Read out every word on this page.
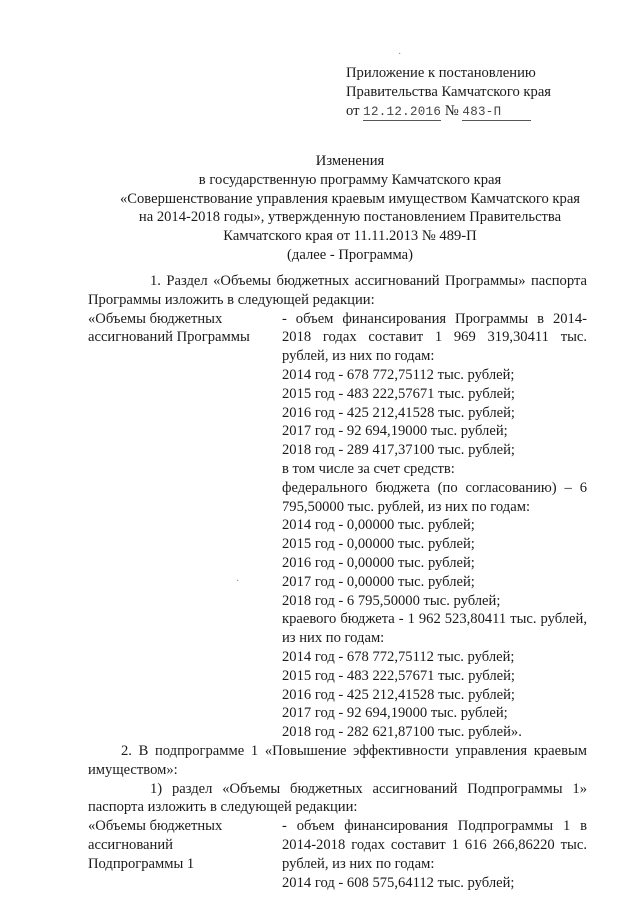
·
·
Приложение к постановлению
Правительства Камчатского края
от 12.12.2016 № 483-П
Изменения
в государственную программу Камчатского края
«Совершенствование управления краевым имуществом Камчатского края
на 2014-2018 годы», утвержденную постановлением Правительства
Камчатского края от 11.11.2013 № 489-П
(далее - Программа)

1. Раздел «Объемы бюджетных ассигнований Программы» паспорта Программы изложить в следующей редакции:

«Объемы бюджетных
ассигнований Программы
- объем финансирования Программы в 2014-2018 годах составит 1 969 319,30411 тыс. рублей, из них по годам:
2014 год - 678 772,75112 тыс. рублей;
2015 год - 483 222,57671 тыс. рублей;
2016 год - 425 212,41528 тыс. рублей;
2017 год - 92 694,19000 тыс. рублей;
2018 год - 289 417,37100 тыс. рублей;
в том числе за счет средств:
федерального бюджета (по согласованию) – 6 795,50000 тыс. рублей, из них по годам:
2014 год - 0,00000 тыс. рублей;
2015 год - 0,00000 тыс. рублей;
2016 год - 0,00000 тыс. рублей;
2017 год - 0,00000 тыс. рублей;
2018 год - 6 795,50000 тыс. рублей;
краевого бюджета - 1 962 523,80411 тыс. рублей, из них по годам:
2014 год - 678 772,75112 тыс. рублей;
2015 год - 483 222,57671 тыс. рублей;
2016 год - 425 212,41528 тыс. рублей;
2017 год - 92 694,19000 тыс. рублей;
2018 год - 282 621,87100 тыс. рублей».

2. В подпрограмме 1 «Повышение эффективности управления краевым имуществом»:

1) раздел «Объемы бюджетных ассигнований Подпрограммы 1» паспорта изложить в следующей редакции:

«Объемы бюджетных
ассигнований
Подпрограммы 1
- объем финансирования Подпрограммы 1 в 2014-2018 годах составит 1 616 266,86220 тыс. рублей, из них по годам:
2014 год - 608 575,64112 тыс. рублей;
